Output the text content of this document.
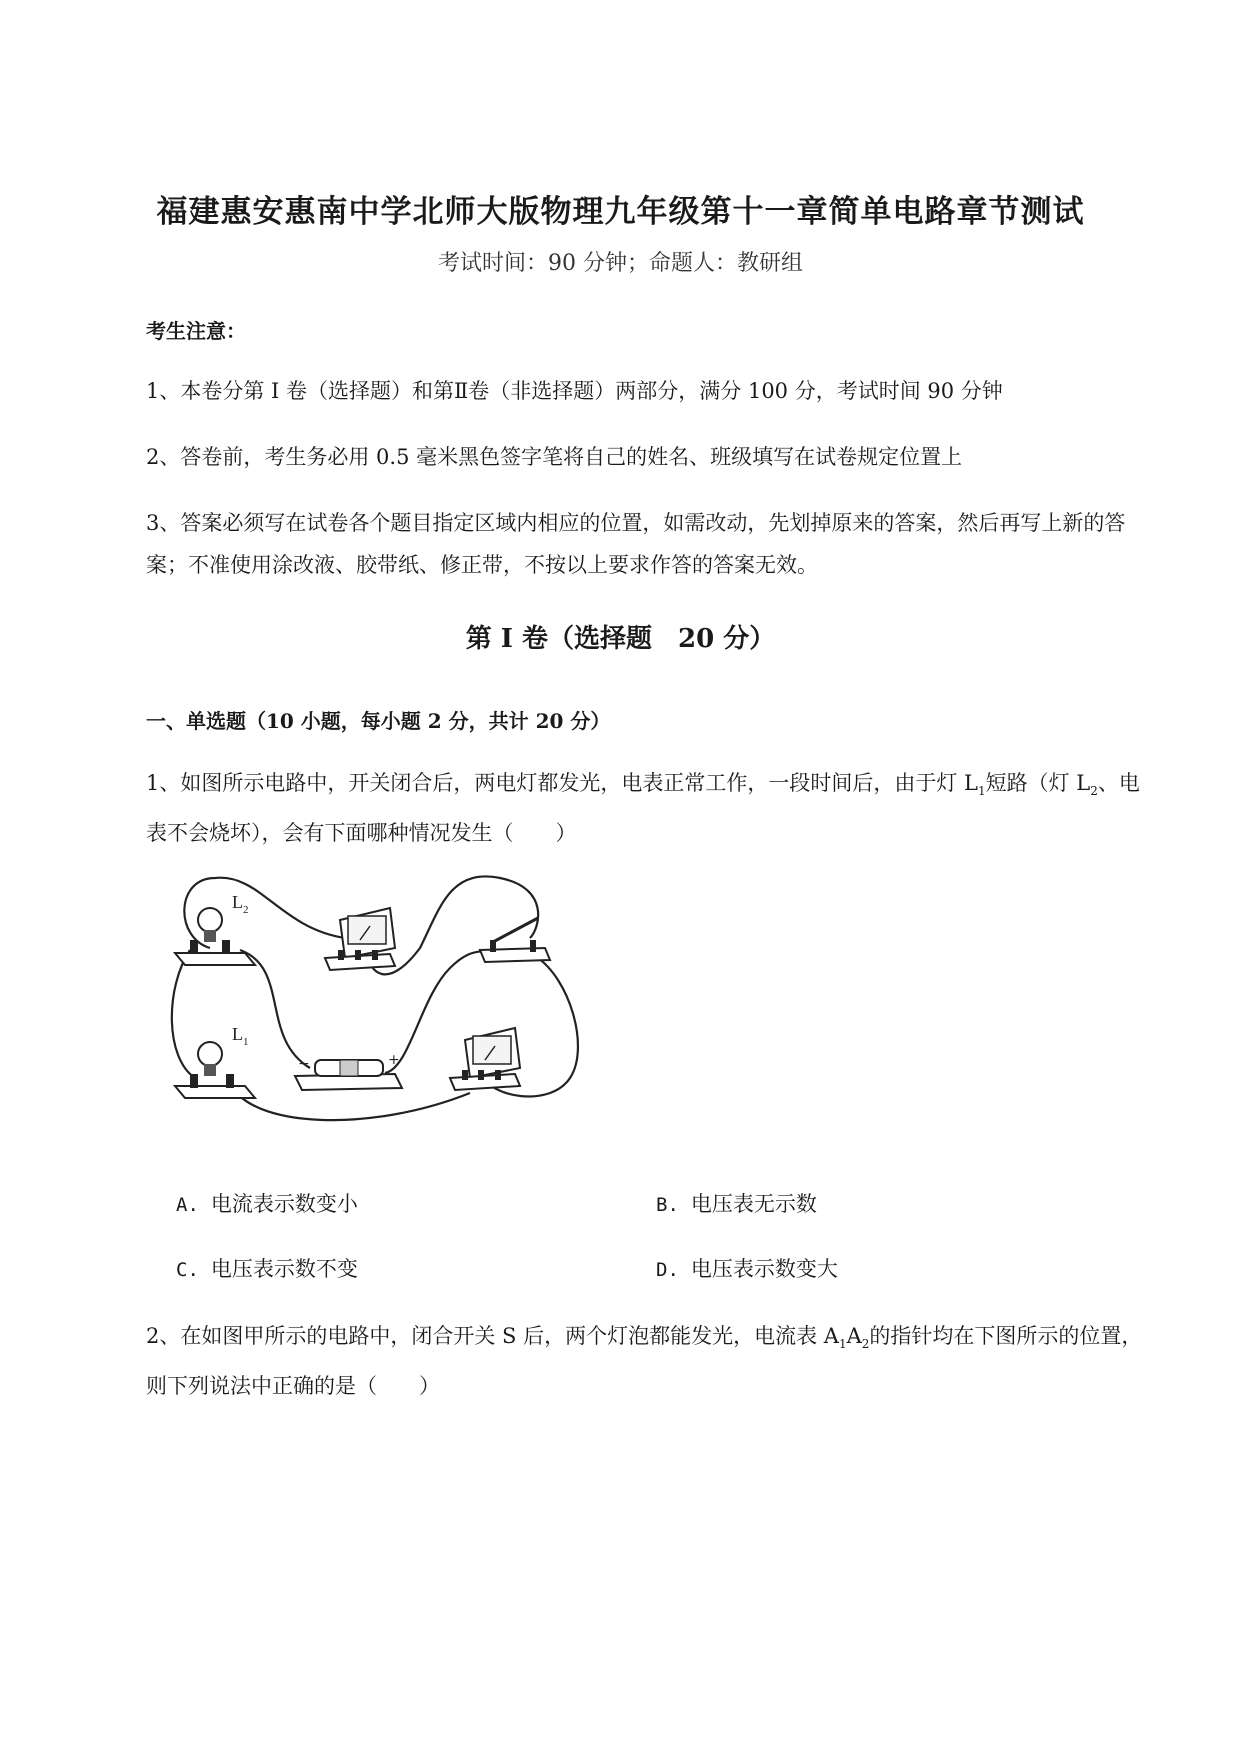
福建惠安惠南中学北师大版物理九年级第十一章简单电路章节测试
考试时间：90 分钟；命题人：教研组
考生注意：
1、本卷分第 I 卷（选择题）和第Ⅱ卷（非选择题）两部分，满分 100 分，考试时间 90 分钟
2、答卷前，考生务必用 0.5 毫米黑色签字笔将自己的姓名、班级填写在试卷规定位置上
3、答案必须写在试卷各个题目指定区域内相应的位置，如需改动，先划掉原来的答案，然后再写上新的答案；不准使用涂改液、胶带纸、修正带，不按以上要求作答的答案无效。
第 I 卷（选择题　20 分）
一、单选题（10 小题，每小题 2 分，共计 20 分）
1、如图所示电路中，开关闭合后，两电灯都发光，电表正常工作，一段时间后，由于灯 $L_1$短路（灯 $L_2$、电表不会烧坏），会有下面哪种情况发生（　　）
$L_2$
$L_1$
−	+
A. 电流表示数变小	B. 电压表无示数
C. 电压表示数不变	D. 电压表示数变大
2、在如图甲所示的电路中，闭合开关 S 后，两个灯泡都能发光，电流表 $A_1A_2$的指针均在下图所示的位置，则下列说法中正确的是（　　）
